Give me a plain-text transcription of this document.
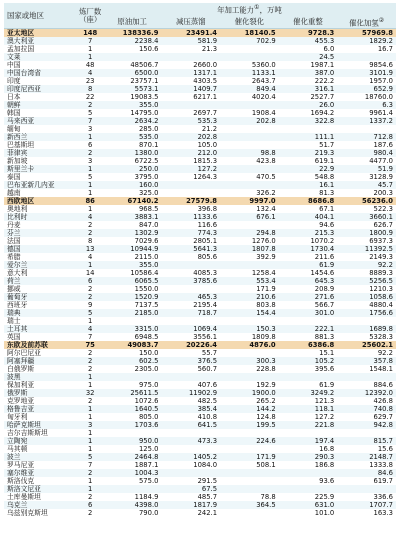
国家或地区	炼厂数
（座）	年加工能力①，万吨				
		原油加工	减压蒸馏	催化裂化	催化重整	催化加氢②
亚太地区	148	138336.9	23491.4	18140.5	9728.3	57969.8
澳大利亚	7	2238.4	581.9	702.9	455.3	1829.2
孟加拉国	1	150.6	21.3		6.0	16.7
文莱	1				24.5	
中国	48	48506.7	2660.0	5360.0	1987.1	9854.6
中国台湾省	4	6500.0	1317.1	1133.1	387.0	3101.9
印度	23	23757.1	4303.5	2643.7	222.2	1957.0
印度尼西亚	8	5573.1	1409.7	849.4	316.1	652.9
日本	22	19083.5	6217.1	4020.4	2527.7	18760.0
朝鲜	2	355.0			26.0	6.3
韩国	5	14795.0	2697.7	1908.4	1694.2	9961.4
马来西亚	7	2634.2	535.3	202.8	322.8	1337.2
缅甸	3	285.0	21.2			
新西兰	1	535.0	202.8		111.1	712.8
巴基斯坦	6	870.1	105.0		51.7	187.6
菲律宾	2	1380.0	212.0	98.8	219.3	980.4
新加坡	3	6722.5	1815.3	423.8	619.1	4477.0
斯里兰卡	1	250.0	127.2		22.9	51.9
泰国	5	3795.0	1264.3	470.5	548.8	3128.9
巴布亚新几内亚	1	160.0			16.1	45.7
越南	1	325.0		326.2	81.3	200.3
西欧地区	86	67140.2	27579.8	9997.0	8686.8	56236.0
奥地利	1	968.5	396.8	132.4	67.1	522.3
比利时	4	3883.1	1133.6	676.1	404.1	3660.1
丹麦	2	847.0	116.6		94.6	626.7
芬兰	2	1302.9	774.3	294.8	215.3	1800.9
法国	8	7029.6	2805.1	1276.0	1070.2	6937.3
德国	13	10944.9	5641.3	1807.8	1730.4	11392.5
希腊	4	2115.0	805.6	392.9	211.6	2149.3
爱尔兰	1	355.0			61.9	92.2
意大利	14	10586.4	4085.3	1258.4	1454.6	8889.3
荷兰	6	6065.5	3785.6	553.4	645.3	5256.5
挪威	2	1550.0		171.9	208.9	1210.3
葡萄牙	2	1520.9	465.3	210.6	271.6	1058.6
西班牙	9	7137.5	2195.4	803.8	566.7	4880.4
瑞典	5	2185.0	718.7	154.4	301.0	1756.6
瑞士	1					
土耳其	4	3315.0	1069.4	150.3	222.1	1689.8
英国	7	6948.5	3556.1	1809.8	881.3	5328.3
东欧及前苏联	75	49083.7	20226.4	4876.0	6386.8	25602.1
阿尔巴尼亚	2	150.0	55.7		15.1	92.2
阿塞拜疆	2	602.5	376.5	300.3	105.2	357.8
白俄罗斯	2	2305.0	560.7	228.8	395.6	1548.1
波黑	1					
保加利亚	1	975.0	407.6	192.9	61.9	884.6
俄罗斯	32	25611.5	11902.9	1900.0	3249.2	12392.0
克罗地亚	2	1072.6	482.5	265.2	121.3	426.8
格鲁吉亚	1	1640.5	385.4	144.2	118.1	740.8
匈牙利	1	805.0	410.8	124.8	127.2	629.7
哈萨克斯坦	3	1703.6	641.5	199.5	221.8	942.8
吉尔吉斯斯坦	1					
立陶宛	1	950.0	473.3	224.6	197.4	815.7
马其顿	1	125.0			16.8	15.6
波兰	5	2464.8	1405.2	171.9	290.3	2148.7
罗马尼亚	7	1887.1	1084.0	508.1	186.8	1333.8
塞尔维亚	2	1004.3				84.6
斯洛伐克	1	575.0	291.5		93.6	619.7
斯洛文尼亚	1		67.5			
土库曼斯坦	2	1184.9	485.7	78.8	225.9	336.6
乌克兰	6	4398.0	1817.9	364.5	631.0	1707.7
乌兹别克斯坦	2	790.0	242.1		101.0	163.3
